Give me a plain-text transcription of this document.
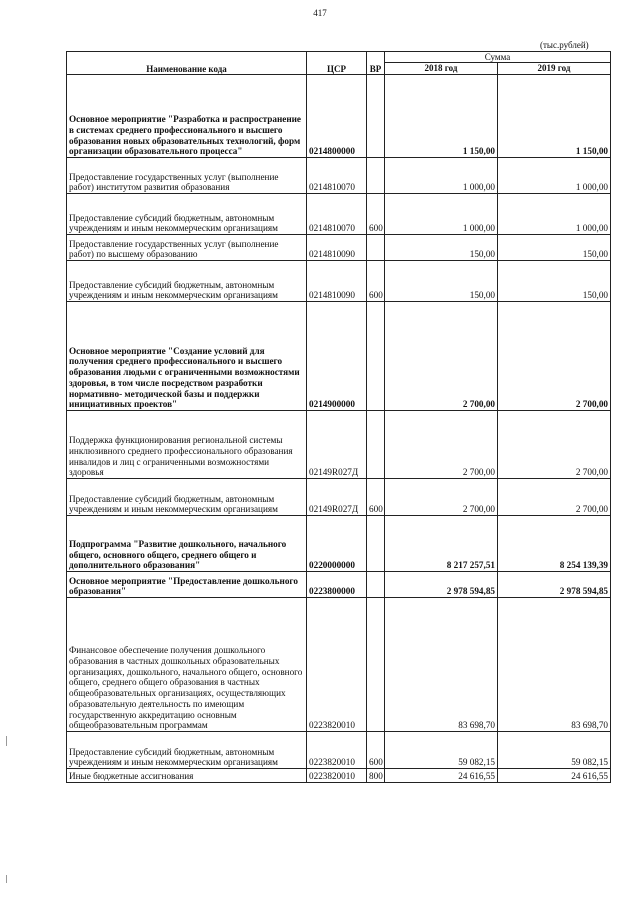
417
(тыс.рублей)
Наименование кода	ЦСР	ВР	Сумма	
			2018 год	2019 год
Основное мероприятие "Разработка и распространение в системах среднего профессионального и высшего образования новых образовательных технологий, форм организации образовательного процесса"	0214800000		1 150,00	1 150,00
Предоставление государственных услуг (выполнение работ) институтом развития образования	0214810070		1 000,00	1 000,00
Предоставление субсидий бюджетным, автономным учреждениям и иным некоммерческим организациям	0214810070	600	1 000,00	1 000,00
Предоставление государственных услуг (выполнение работ) по высшему образованию	0214810090		150,00	150,00
Предоставление субсидий бюджетным, автономным учреждениям и иным некоммерческим организациям	0214810090	600	150,00	150,00
Основное мероприятие "Создание условий для получения среднего профессионального и высшего образования людьми с ограниченными возможностями здоровья, в том числе посредством разработки нормативно- методической базы и поддержки инициативных проектов"	0214900000		2 700,00	2 700,00
Поддержка функционирования региональной системы инклюзивного среднего профессионального образования инвалидов и лиц с ограниченными возможностями здоровья	02149R027Д		2 700,00	2 700,00
Предоставление субсидий бюджетным, автономным учреждениям и иным некоммерческим организациям	02149R027Д	600	2 700,00	2 700,00
Подпрограмма "Развитие дошкольного, начального общего, основного общего, среднего общего и дополнительного образования"	0220000000		8 217 257,51	8 254 139,39
Основное мероприятие "Предоставление дошкольного образования"	0223800000		2 978 594,85	2 978 594,85
Финансовое обеспечение получения дошкольного образования в частных дошкольных образовательных организациях, дошкольного, начального общего, основного общего, среднего общего образования в частных общеобразовательных организациях, осуществляющих образовательную деятельность по имеющим государственную аккредитацию основным общеобразовательным программам	0223820010		83 698,70	83 698,70
Предоставление субсидий бюджетным, автономным учреждениям и иным некоммерческим организациям	0223820010	600	59 082,15	59 082,15
Иные бюджетные ассигнования	0223820010	800	24 616,55	24 616,55
